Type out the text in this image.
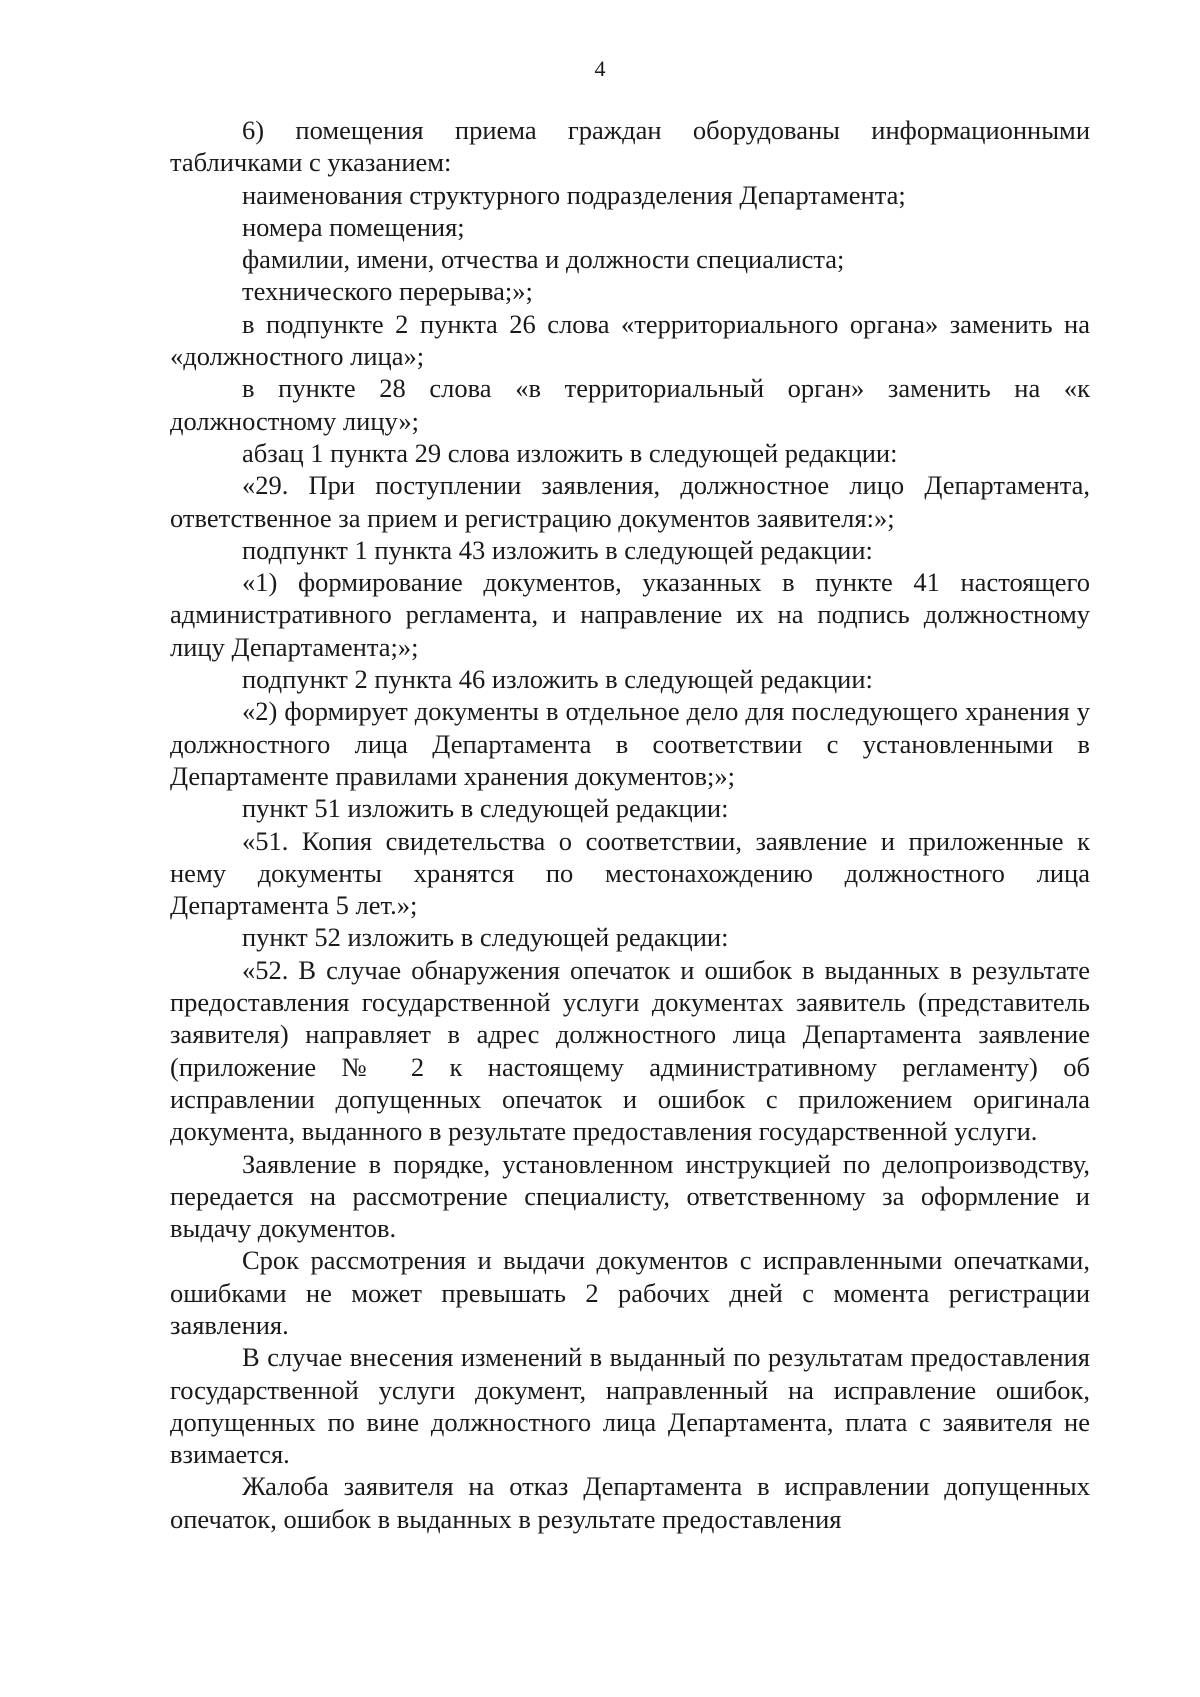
4

6) помещения приема граждан оборудованы информационными табличками с указанием:

наименования структурного подразделения Департамента;

номера помещения;

фамилии, имени, отчества и должности специалиста;

технического перерыва;»;

в подпункте 2 пункта 26 слова «территориального органа» заменить на «должностного лица»;

в пункте 28 слова «в территориальный орган» заменить на «к должностному лицу»;

абзац 1 пункта 29 слова изложить в следующей редакции:

«29. При поступлении заявления, должностное лицо Департамента, ответственное за прием и регистрацию документов заявителя:»;

подпункт 1 пункта 43 изложить в следующей редакции:

«1) формирование документов, указанных в пункте 41 настоящего административного регламента, и направление их на подпись должностному лицу Департамента;»;

подпункт 2 пункта 46 изложить в следующей редакции:

«2) формирует документы в отдельное дело для последующего хранения у должностного лица Департамента в соответствии с установленными в Департаменте правилами хранения документов;»;

пункт 51 изложить в следующей редакции:

«51. Копия свидетельства о соответствии, заявление и приложенные к нему документы хранятся по местонахождению должностного лица Департамента 5 лет.»;

пункт 52 изложить в следующей редакции:

«52. В случае обнаружения опечаток и ошибок в выданных в результате предоставления государственной услуги документах заявитель (представитель заявителя) направляет в адрес должностного лица Департамента заявление (приложение № 2 к настоящему административному регламенту) об исправлении допущенных опечаток и ошибок с приложением оригинала документа, выданного в результате предоставления государственной услуги.

Заявление в порядке, установленном инструкцией по делопроизводству, передается на рассмотрение специалисту, ответственному за оформление и выдачу документов.

Срок рассмотрения и выдачи документов с исправленными опечатками, ошибками не может превышать 2 рабочих дней с момента регистрации заявления.

В случае внесения изменений в выданный по результатам предоставления государственной услуги документ, направленный на исправление ошибок, допущенных по вине должностного лица Департамента, плата с заявителя не взимается.

Жалоба заявителя на отказ Департамента в исправлении допущенных опечаток, ошибок в выданных в результате предоставления
